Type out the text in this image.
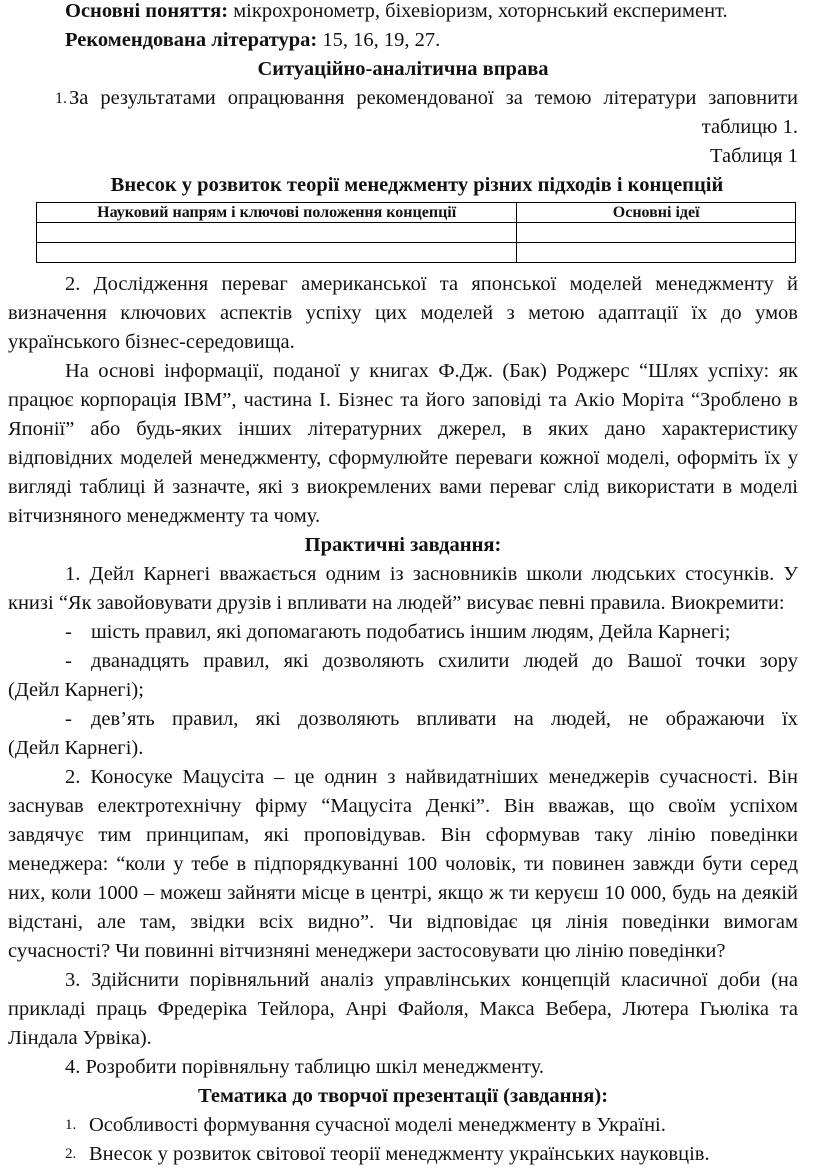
Основні поняття: мікрохронометр, біхевіоризм, хоторнський експеримент.

Рекомендована література: 15, 16, 19, 27.

Ситуаційно-аналітична вправа

1. За результатами опрацювання рекомендованої за темою літератури заповнити таблицю 1.

Таблиця 1

Внесок у розвиток теорії менеджменту різних підходів і концепцій

Науковий напрям і ключові положення концепції	Основні ідеї

2. Дослідження переваг американської та японської моделей менеджменту й визначення ключових аспектів успіху цих моделей з метою адаптації їх до умов українського бізнес-середовища.

На основі інформації, поданої у книгах Ф.Дж. (Бак) Роджерс “Шлях успіху: як працює корпорація IBM”, частина I. Бізнес та його заповіді та Акіо Моріта “Зроблено в Японії” або будь-яких інших літературних джерел, в яких дано характеристику відповідних моделей менеджменту, сформулюйте переваги кожної моделі, оформіть їх у вигляді таблиці й зазначте, які з виокремлених вами переваг слід використати в моделі вітчизняного менеджменту та чому.

Практичні завдання:

1. Дейл Карнегі вважається одним із засновників школи людських стосунків. У книзі “Як завойовувати друзів і впливати на людей” висуває певні правила. Виокремити:

- шість правил, які допомагають подобатись іншим людям, Дейла Карнегі;
- дванадцять правил, які дозволяють схилити людей до Вашої точки зору

(Дейл Карнегі);

- дев’ять правил, які дозволяють впливати на людей, не ображаючи їх

(Дейл Карнегі).

2. Коносуке Мацусіта – це однин з найвидатніших менеджерів сучасності. Він заснував електротехнічну фірму “Мацусіта Денкі”. Він вважав, що своїм успіхом завдячує тим принципам, які проповідував. Він сформував таку лінію поведінки менеджера: “коли у тебе в підпорядкуванні 100 чоловік, ти повинен завжди бути серед них, коли 1000 – можеш зайняти місце в центрі, якщо ж ти керуєш 10 000, будь на деякій відстані, але там, звідки всіх видно”. Чи відповідає ця лінія поведінки вимогам сучасності? Чи повинні вітчизняні менеджери застосовувати цю лінію поведінки?

3. Здійснити порівняльний аналіз управлінських концепцій класичної доби (на прикладі праць Фредеріка Тейлора, Анрі Файоля, Макса Вебера, Лютера Гьюліка та Ліндала Урвіка).

4. Розробити порівняльну таблицю шкіл менеджменту.

Тематика до творчої презентації (завдання):

1. Особливості формування сучасної моделі менеджменту в Україні.
2. Внесок у розвиток світової теорії менеджменту українських науковців.
